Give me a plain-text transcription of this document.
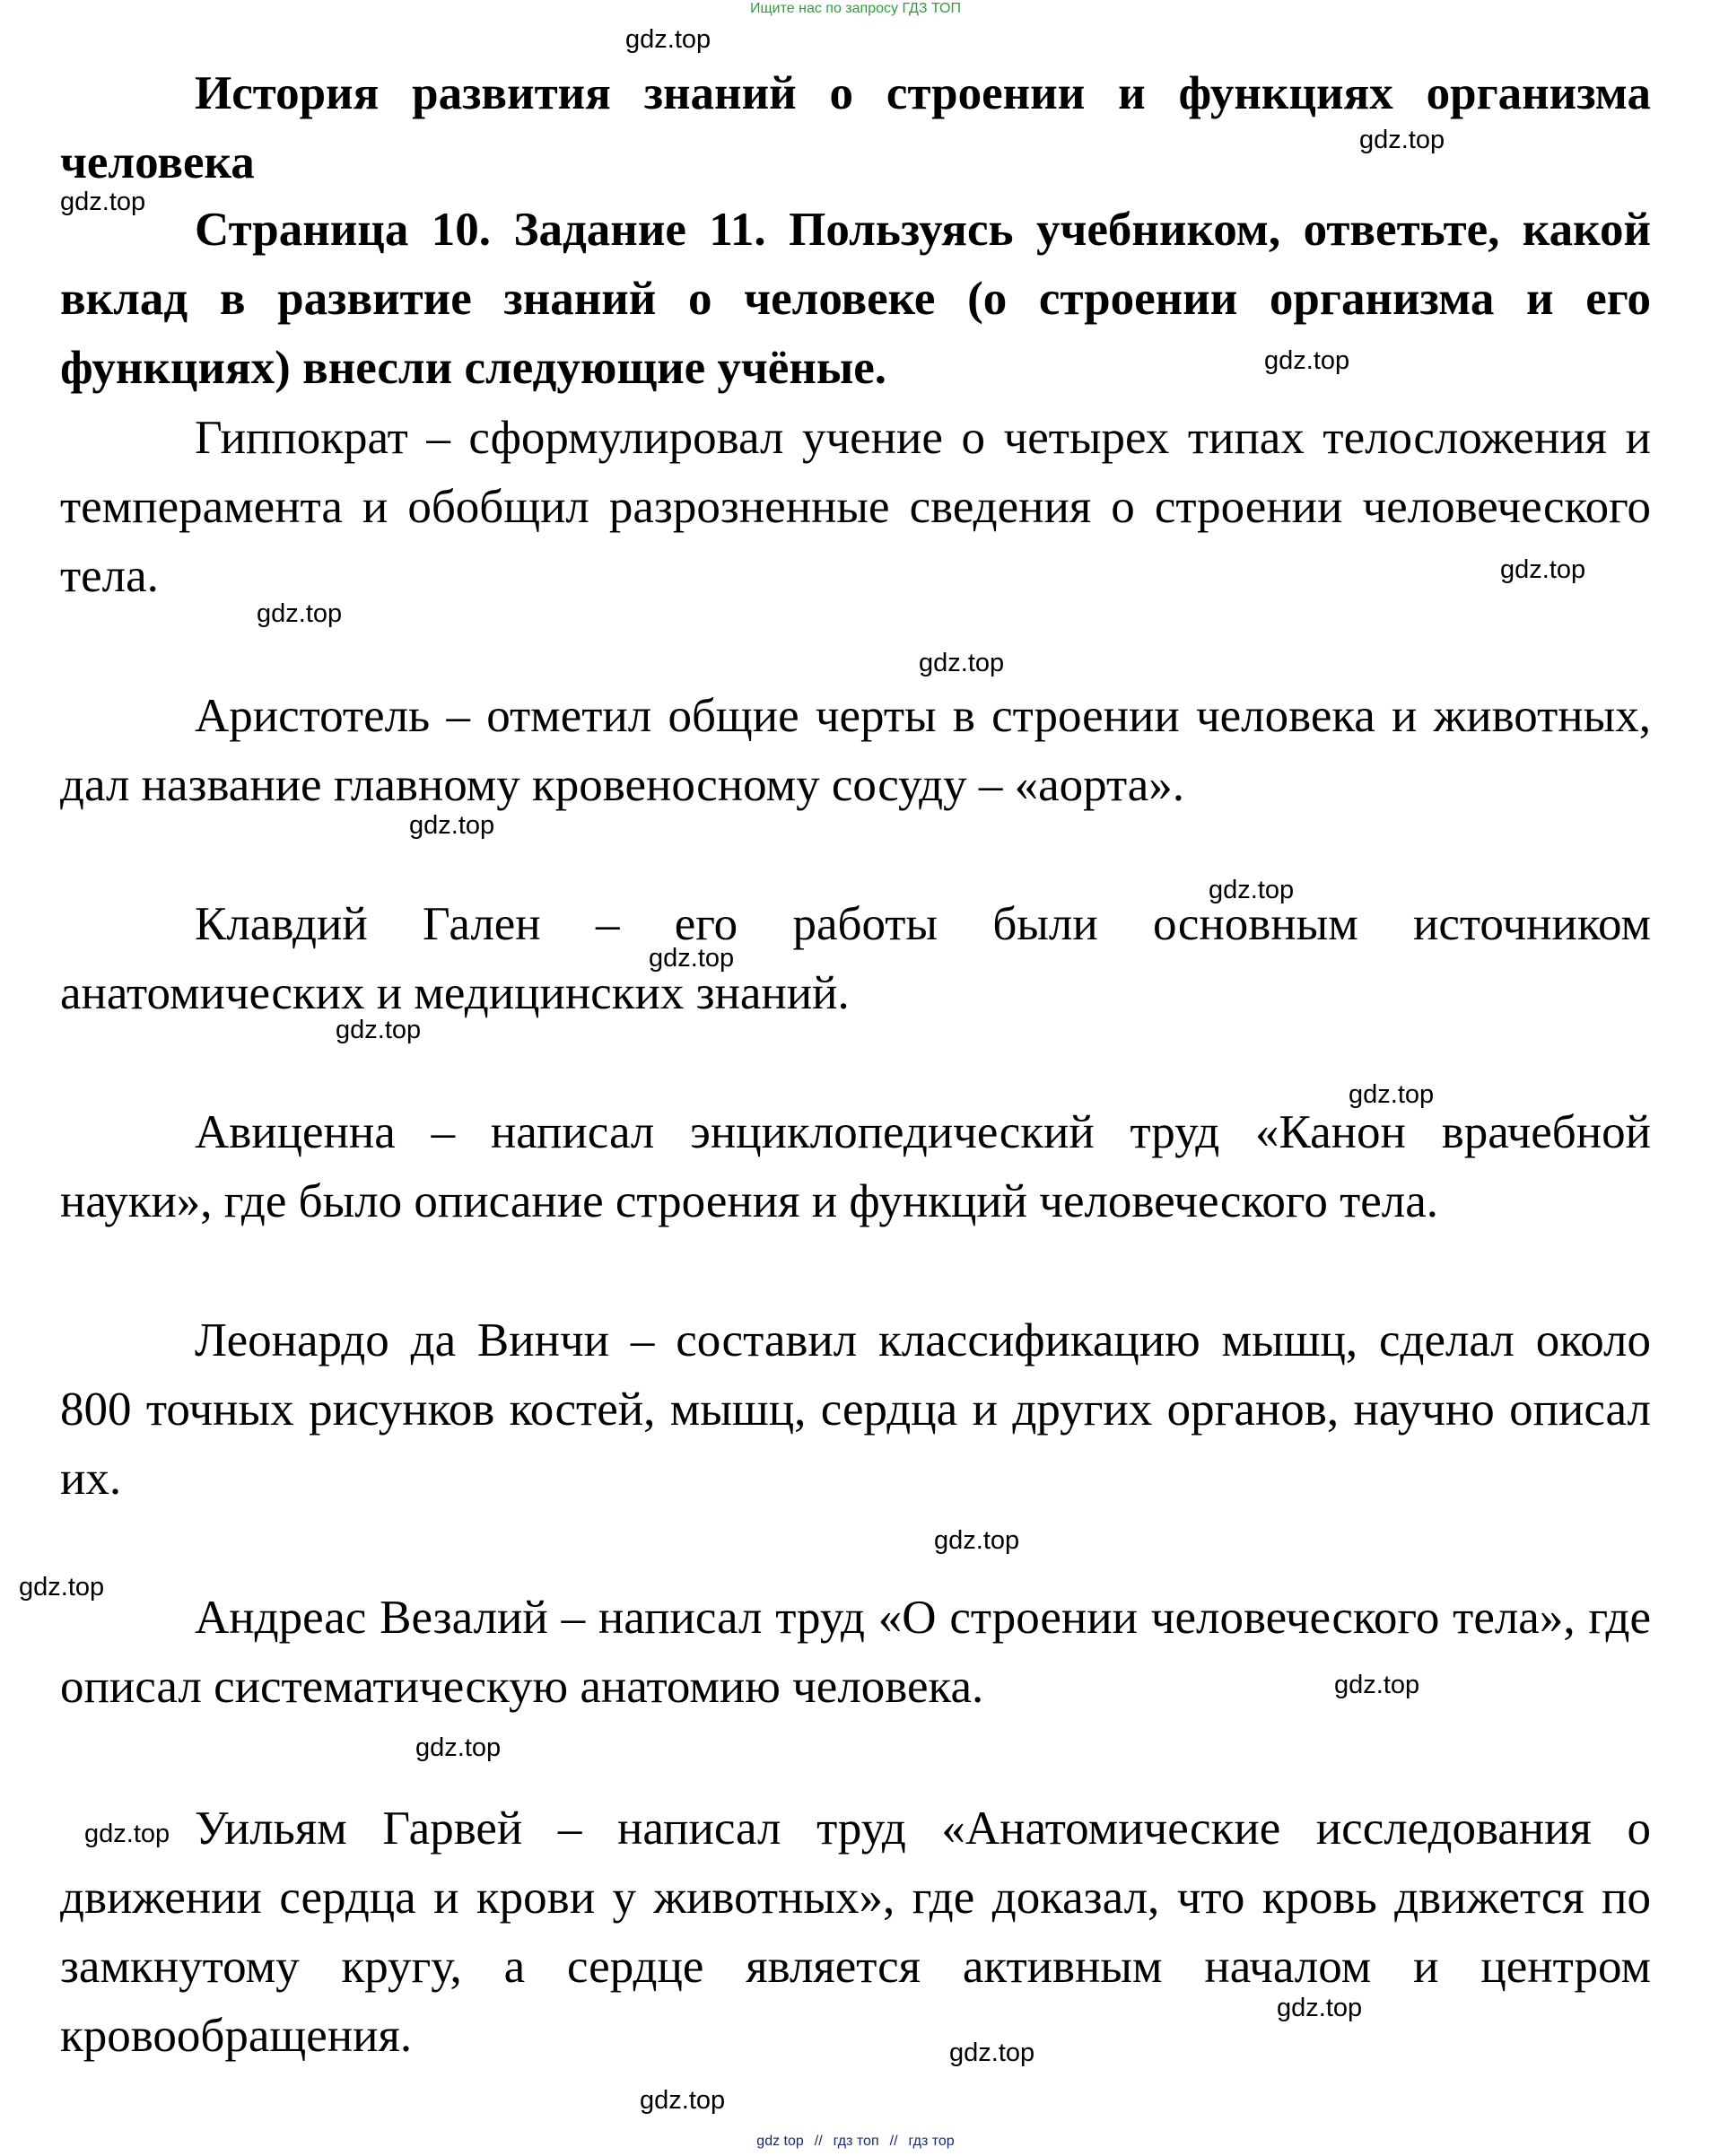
Ищите нас по запросу ГДЗ ТОП

История развития знаний о строении и функциях организма человека

Страница 10. Задание 11. Пользуясь учебником, ответьте, какой вклад в развитие знаний о человеке (о строении организма и его функциях) внесли следующие учёные.

Гиппократ – сформулировал учение о четырех типах телосложения и темперамента и обобщил разрозненные сведения о строении человеческого тела.

Аристотель – отметил общие черты в строении человека и животных, дал название главному кровеносному сосуду – «аорта».

Клавдий Гален – его работы были основным источником анатомических и медицинских знаний.

Авиценна – написал энциклопедический труд «Канон врачебной науки», где было описание строения и функций человеческого тела.

Леонардо да Винчи – составил классификацию мышц, сделал около 800 точных рисунков костей, мышц, сердца и других органов, научно описал их.

Андреас Везалий – написал труд «О строении человеческого тела», где описал систематическую анатомию человека.

Уильям Гарвей – написал труд «Анатомические исследования о движении сердца и крови у животных», где доказал, что кровь движется по замкнутому кругу, а сердце является активным началом и центром кровообращения.

gdz.top
gdz.top
gdz.top
gdz.top
gdz.top
gdz.top
gdz.top
gdz.top
gdz.top
gdz.top
gdz.top
gdz.top
gdz.top
gdz.top
gdz.top
gdz.top
gdz.top
gdz.top
gdz.top
gdz.top
gdz top // гдз топ // гдз тор
